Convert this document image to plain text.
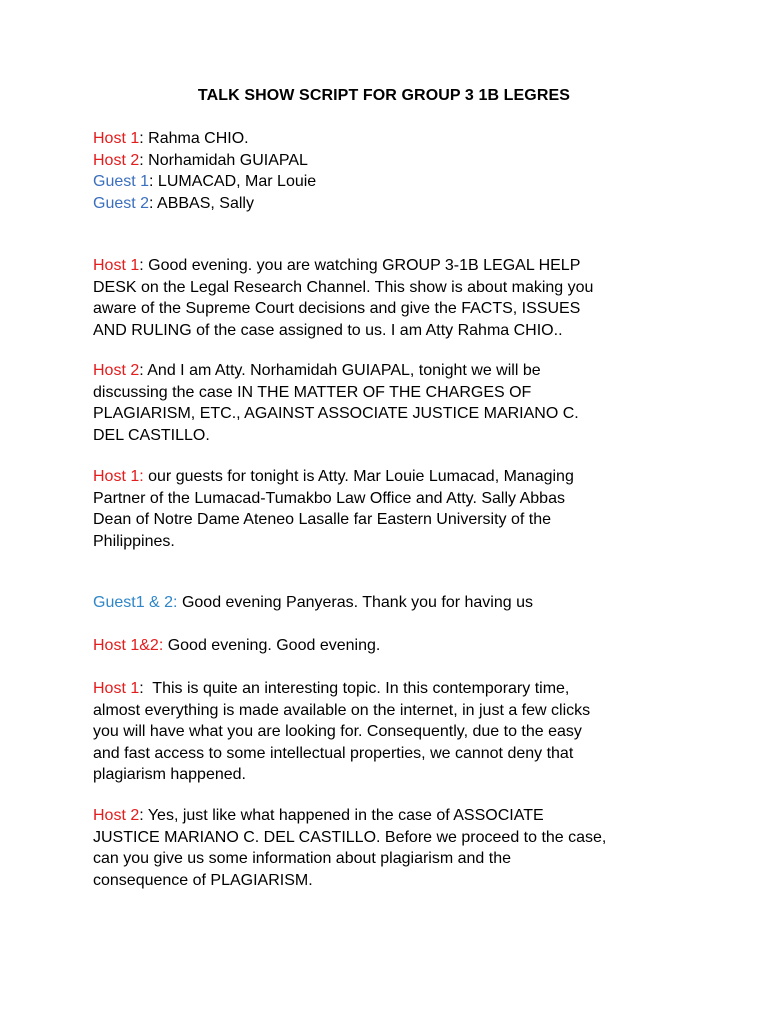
TALK SHOW SCRIPT FOR GROUP 3 1B LEGRES
Host 1: Rahma CHIO.
Host 2: Norhamidah GUIAPAL
Guest 1: LUMACAD, Mar Louie
Guest 2: ABBAS, Sally
Host 1: Good evening. you are watching GROUP 3-1B LEGAL HELP
DESK on the Legal Research Channel. This show is about making you
aware of the Supreme Court decisions and give the FACTS, ISSUES
AND RULING of the case assigned to us. I am Atty Rahma CHIO..
Host 2: And I am Atty. Norhamidah GUIAPAL, tonight we will be
discussing the case IN THE MATTER OF THE CHARGES OF
PLAGIARISM, ETC., AGAINST ASSOCIATE JUSTICE MARIANO C.
DEL CASTILLO.
Host 1: our guests for tonight is Atty. Mar Louie Lumacad, Managing
Partner of the Lumacad-Tumakbo Law Office and Atty. Sally Abbas
Dean of Notre Dame Ateneo Lasalle far Eastern University of the
Philippines.
Guest1 & 2: Good evening Panyeras. Thank you for having us
Host 1&2: Good evening. Good evening.
Host 1:  This is quite an interesting topic. In this contemporary time,
almost everything is made available on the internet, in just a few clicks
you will have what you are looking for. Consequently, due to the easy
and fast access to some intellectual properties, we cannot deny that
plagiarism happened.
Host 2: Yes, just like what happened in the case of ASSOCIATE
JUSTICE MARIANO C. DEL CASTILLO. Before we proceed to the case,
can you give us some information about plagiarism and the
consequence of PLAGIARISM.
